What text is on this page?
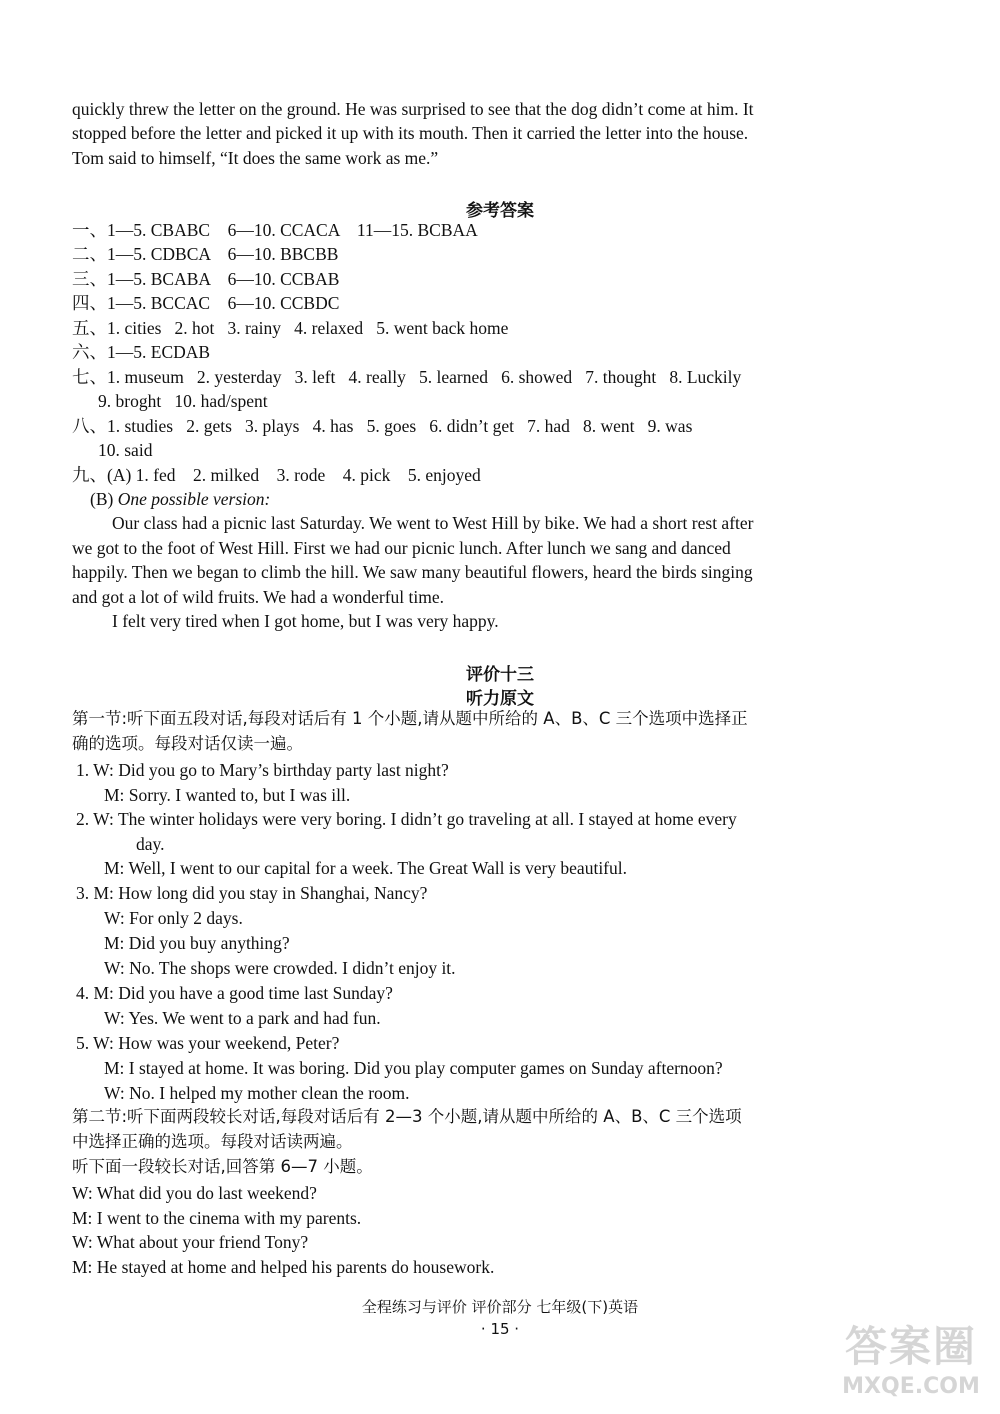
quickly threw the letter on the ground. He was surprised to see that the dog didn’t come at him. It
stopped before the letter and picked it up with its mouth. Then it carried the letter into the house.
Tom said to himself, “It does the same work as me.”
参考答案
一、1—5. CBABC    6—10. CCACA    11—15. BCBAA
二、1—5. CDBCA    6—10. BBCBB
三、1—5. BCABA    6—10. CCBAB
四、1—5. BCCAC    6—10. CCBDC
五、1. cities   2. hot   3. rainy   4. relaxed   5. went back home
六、1—5. ECDAB
七、1. museum   2. yesterday   3. left   4. really   5. learned   6. showed   7. thought   8. Luckily
9. broght   10. had/spent
八、1. studies   2. gets   3. plays   4. has   5. goes   6. didn’t get   7. had   8. went   9. was
10. said
九、(A) 1. fed    2. milked    3. rode    4. pick    5. enjoyed
(B) One possible version:
Our class had a picnic last Saturday. We went to West Hill by bike. We had a short rest after
we got to the foot of West Hill. First we had our picnic lunch. After lunch we sang and danced
happily. Then we began to climb the hill. We saw many beautiful flowers, heard the birds singing
and got a lot of wild fruits. We had a wonderful time.
I felt very tired when I got home, but I was very happy.
评价十三
听力原文
第一节:听下面五段对话,每段对话后有 1 个小题,请从题中所给的 A、B、C 三个选项中选择正
确的选项。每段对话仅读一遍。
1. W: Did you go to Mary’s birthday party last night?
M: Sorry. I wanted to, but I was ill.
2. W: The winter holidays were very boring. I didn’t go traveling at all. I stayed at home every
day.
M: Well, I went to our capital for a week. The Great Wall is very beautiful.
3. M: How long did you stay in Shanghai, Nancy?
W: For only 2 days.
M: Did you buy anything?
W: No. The shops were crowded. I didn’t enjoy it.
4. M: Did you have a good time last Sunday?
W: Yes. We went to a park and had fun.
5. W: How was your weekend, Peter?
M: I stayed at home. It was boring. Did you play computer games on Sunday afternoon?
W: No. I helped my mother clean the room.
第二节:听下面两段较长对话,每段对话后有 2—3 个小题,请从题中所给的 A、B、C 三个选项
中选择正确的选项。每段对话读两遍。
听下面一段较长对话,回答第 6—7 小题。
W: What did you do last weekend?
M: I went to the cinema with my parents.
W: What about your friend Tony?
M: He stayed at home and helped his parents do housework.
全程练习与评价 评价部分 七年级(下)英语
· 15 ·	答案圈
MXQE.COM
